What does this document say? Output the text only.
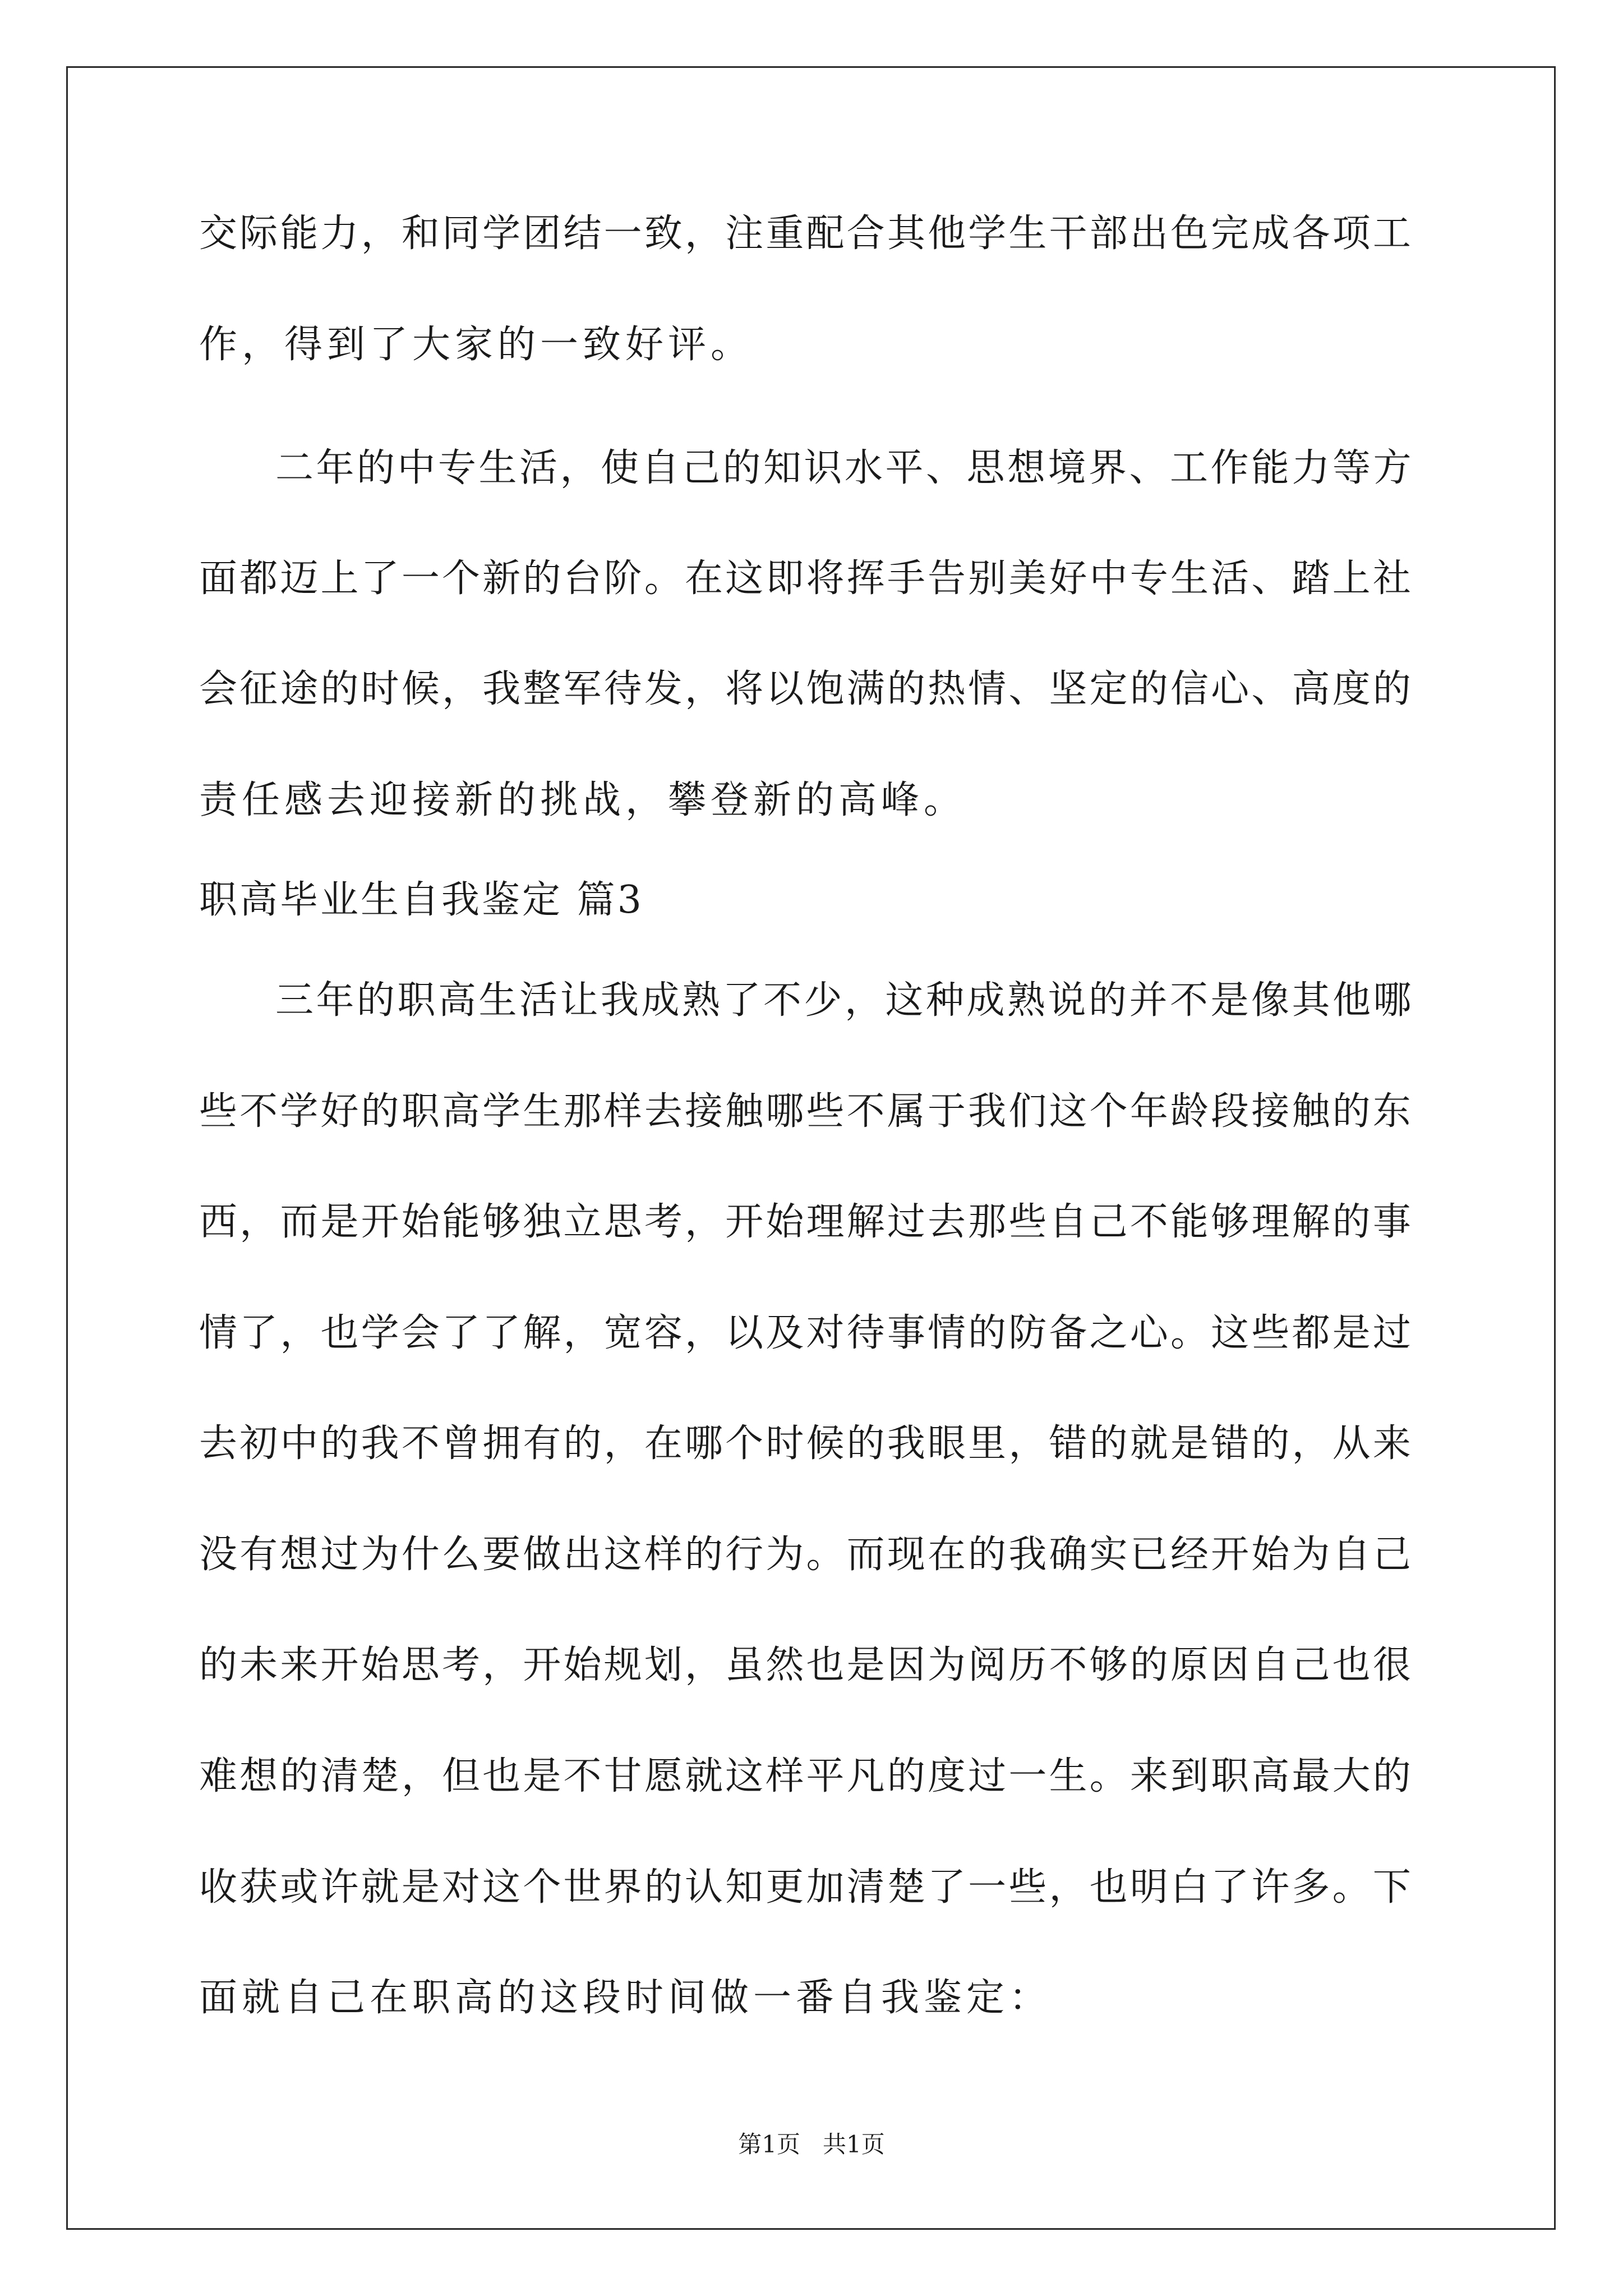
交际能力，和同学团结一致，注重配合其他学生干部出色完成各项工
作，得到了大家的一致好评。
二年的中专生活，使自己的知识水平、思想境界、工作能力等方
面都迈上了一个新的台阶。在这即将挥手告别美好中专生活、踏上社
会征途的时候，我整军待发，将以饱满的热情、坚定的信心、高度的
责任感去迎接新的挑战，攀登新的高峰。
职高毕业生自我鉴定 篇3
三年的职高生活让我成熟了不少，这种成熟说的并不是像其他哪
些不学好的职高学生那样去接触哪些不属于我们这个年龄段接触的东
西，而是开始能够独立思考，开始理解过去那些自己不能够理解的事
情了，也学会了了解，宽容，以及对待事情的防备之心。这些都是过
去初中的我不曾拥有的，在哪个时候的我眼里，错的就是错的，从来
没有想过为什么要做出这样的行为。而现在的我确实已经开始为自己
的未来开始思考，开始规划，虽然也是因为阅历不够的原因自己也很
难想的清楚，但也是不甘愿就这样平凡的度过一生。来到职高最大的
收获或许就是对这个世界的认知更加清楚了一些，也明白了许多。下
面就自己在职高的这段时间做一番自我鉴定：
第1页   共1页
